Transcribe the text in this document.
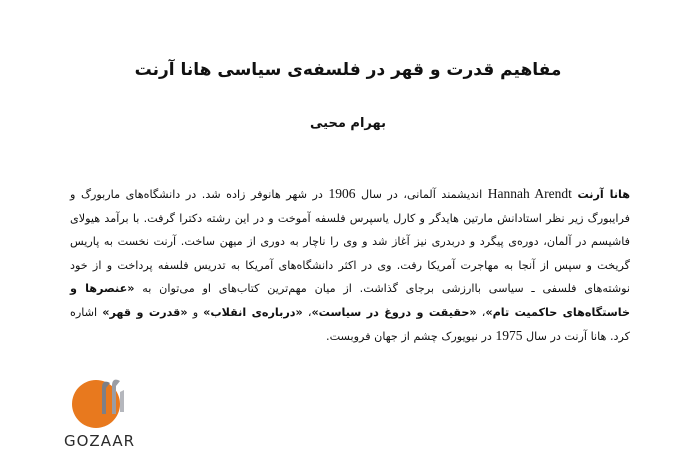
مفاهیم قدرت و قهر در فلسفه‌ی سیاسی هانا آرنت
بهرام محیی
هانا آرنت Hannah Arendt اندیشمند آلمانی، در سال 1906 در شهر هانوفر زاده شد. در دانشگاه‌های ماربورگ و فرایبورگ زیر نظر استادانش مارتین هایدگر و کارل یاسپرس فلسفه آموخت و در این رشته دکترا گرفت. با برآمد هیولای فاشیسم در آلمان، دوره‌ی پیگرد و دربدری نیز آغاز شد و وی را ناچار به دوری از میهن ساخت. آرنت نخست به پاریس گریخت و سپس از آنجا به مهاجرت آمریکا رفت. وی در اکثر دانشگاه‌های آمریکا به تدریس فلسفه پرداخت و از خود نوشته‌های فلسفی ـ سیاسی باارزشی برجای گذاشت. از میان مهم‌ترین کتاب‌های او می‌توان به «عنصرها و خاستگاه‌های حاکمیت تام»، «حقیقت و دروغ در سیاست»، «درباره‌ی انقلاب» و «قدرت و قهر» اشاره کرد. هانا آرنت در سال 1975 در نیویورک چشم از جهان فروبست.
GOZAAR
